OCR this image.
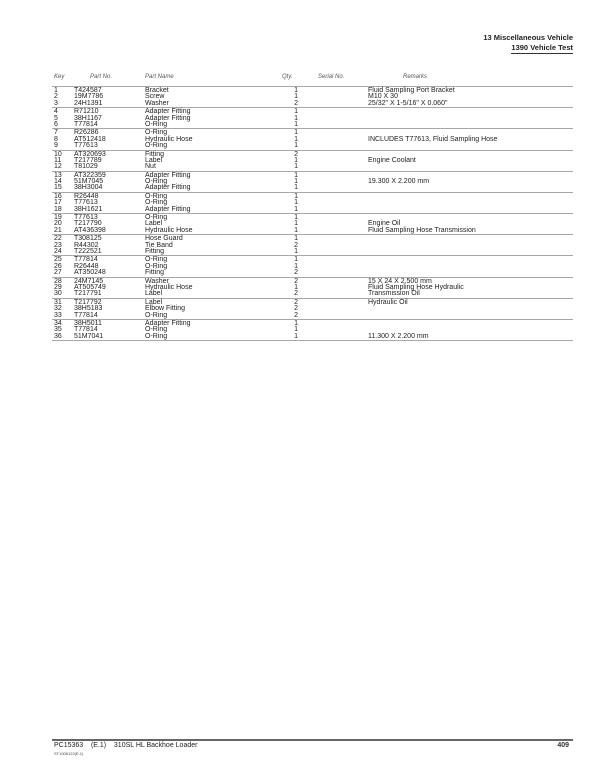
13 Miscellaneous Vehicle
1390 Vehicle Test
Key	Part No.	Part Name	Qty.	Serial No.	Remarks
1 T424587	Bracket	1	Fluid Sampling Port Bracket
2 19M7786	Screw	1	M10 X 30
3 24H1391	Washer	2	25/32" X 1-5/16" X 0.060"
4 R71210	Adapter Fitting	1
5 38H1167	Adapter Fitting	1
6 T77814	O-Ring	1
7 R26286	O-Ring	1
8 AT512418	Hydraulic Hose	1	INCLUDES T77613, Fluid Sampling Hose
9 T77613	O-Ring	1
10 AT320693	Fitting	2
11 T217789	Label	1	Engine Coolant
12 T81029	Nut	1
13 AT322359	Adapter Fitting	1
14 51M7045	O-Ring	1	19.300 X 2.200 mm
15 38H3004	Adapter Fitting	1
16 R26448	O-Ring	1
17 T77613	O-Ring	1
18 38H1621	Adapter Fitting	1
19 T77613	O-Ring	1
20 T217790	Label	1	Engine Oil
21 AT436398	Hydraulic Hose	1	Fluid Sampling Hose Transmission
22 T308125	Hose Guard	1
23 R44302	Tie Band	2
24 T222521	Fitting	1
25 T77814	O-Ring	1
26 R26448	O-Ring	1
27 AT350248	Fitting	2
28 24M7145	Washer	2	15 X 24 X 2.500 mm
29 AT505749	Hydraulic Hose	1	Fluid Sampling Hose Hydraulic
30 T217791	Label	2	Transmission Oil
31 T217792	Label	2	Hydraulic Oil
32 38H5183	Elbow Fitting	2
33 T77814	O-Ring	2
34 38H5011	Adapter Fitting	1
35 T77814	O-Ring	1
36 51M7041	O-Ring	1	11.300 X 2.200 mm
PC15363    (E.1)    310SL HL Backhoe Loader
ST1006122(E.1)
409
